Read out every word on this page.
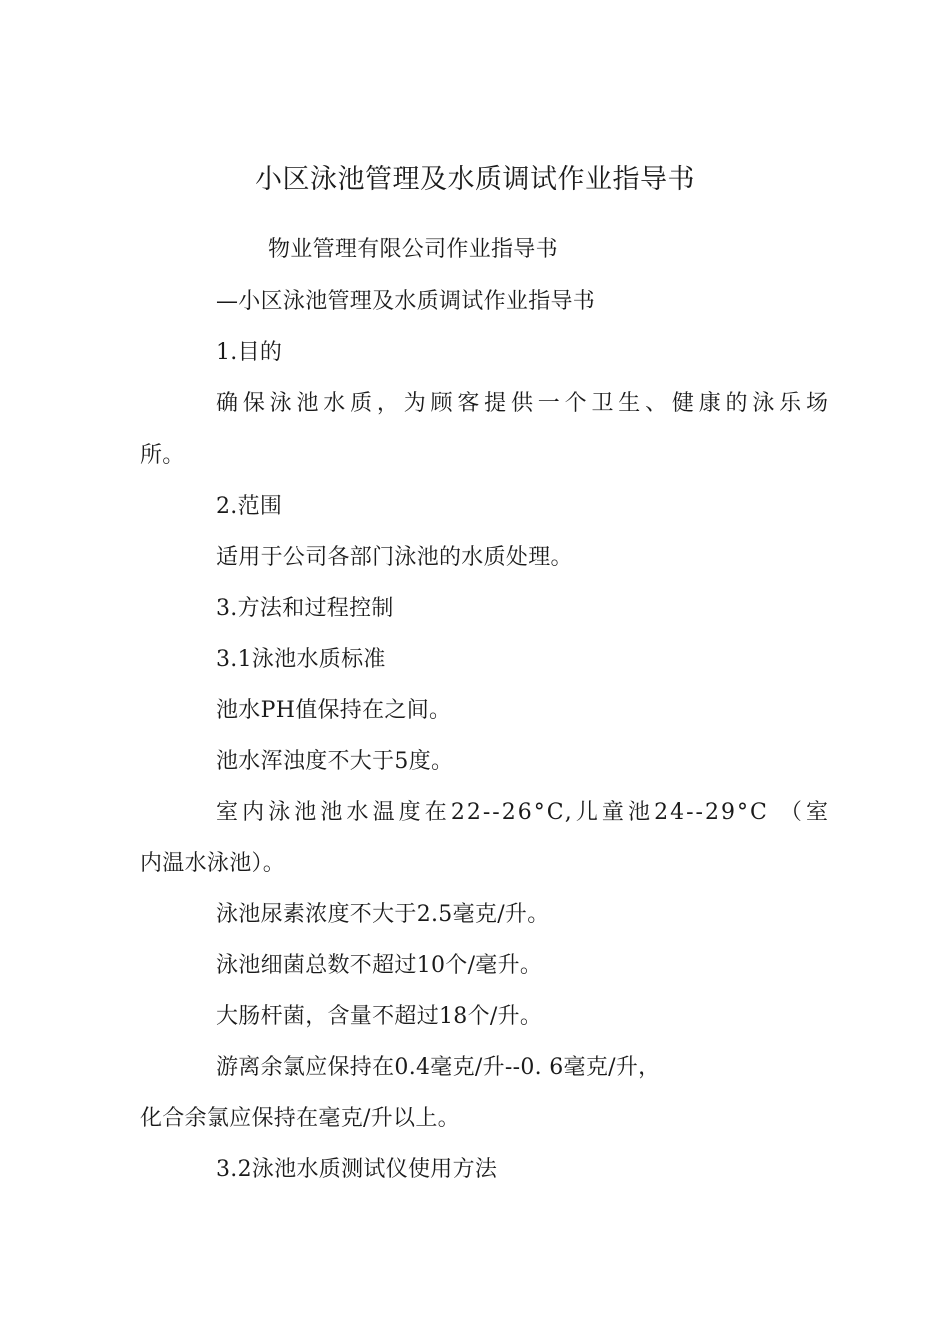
小区泳池管理及水质调试作业指导书
物业管理有限公司作业指导书
—小区泳池管理及水质调试作业指导书
1.目的
确保泳池水质，为顾客提供一个卫生、健康的泳乐场
所。
2.范围
适用于公司各部门泳池的水质处理。
3.方法和过程控制
3.1泳池水质标准
池水PH值保持在之间。
池水浑浊度不大于5度。
室内泳池池水温度在22--26°C,儿童池24--29°C （室
内温水泳池）。
泳池尿素浓度不大于2.5毫克/升。
泳池细菌总数不超过10个/毫升。
大肠杆菌，含量不超过18个/升。
游离余氯应保持在0.4毫克/升--0. 6毫克/升，
化合余氯应保持在毫克/升以上。
3.2泳池水质测试仪使用方法
